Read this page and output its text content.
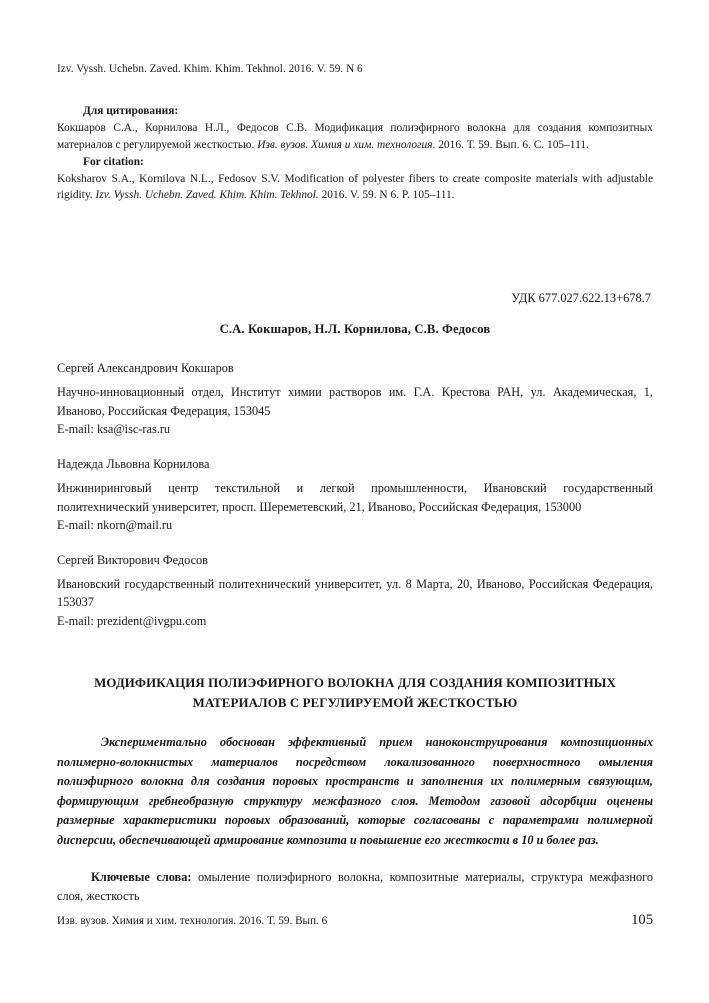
Izv. Vyssh. Uchebn. Zaved. Khim. Khim. Tekhnol. 2016. V. 59. N 6

Для цитирования:

Кокшаров С.А., Корнилова Н.Л., Федосов С.В. Модификация полиэфирного волокна для создания композитных материалов с регулируемой жесткостью. Изв. вузов. Химия и хим. технология. 2016. Т. 59. Вып. 6. С. 105–111.

For citation:

Koksharov S.A., Kornilova N.L., Fedosov S.V. Modification of polyester fibers to create composite materials with adjustable rigidity. Izv. Vyssh. Uchebn. Zaved. Khim. Khim. Tekhnol. 2016. V. 59. N 6. P. 105–111.

УДК 677.027.622.13+678.7

С.А. Кокшаров, Н.Л. Корнилова, С.В. Федосов

Сергей Александрович Кокшаров

Научно-инновационный отдел, Институт химии растворов им. Г.А. Крестова РАН, ул. Академическая, 1, Иваново, Российская Федерация, 153045

E-mail: ksa@isc-ras.ru

Надежда Львовна Корнилова

Инжиниринговый центр текстильной и легкой промышленности, Ивановский государственный политехнический университет, просп. Шереметевский, 21, Иваново, Российская Федерация, 153000

E-mail: nkorn@mail.ru

Сергей Викторович Федосов

Ивановский государственный политехнический университет, ул. 8 Марта, 20, Иваново, Российская Федерация, 153037

E-mail: prezident@ivgpu.com

МОДИФИКАЦИЯ ПОЛИЭФИРНОГО ВОЛОКНА ДЛЯ СОЗДАНИЯ КОМПОЗИТНЫХ МАТЕРИАЛОВ С РЕГУЛИРУЕМОЙ ЖЕСТКОСТЬЮ

Экспериментально обоснован эффективный прием наноконструирования композиционных полимерно-волокнистых материалов посредством локализованного поверхностного омыления полиэфирного волокна для создания поровых пространств и заполнения их полимерным связующим, формирующим гребнеобразную структуру межфазного слоя. Методом газовой адсорбции оценены размерные характеристики поровых образований, которые согласованы с параметрами полимерной дисперсии, обеспечивающей армирование композита и повышение его жесткости в 10 и более раз.

Ключевые слова: омыление полиэфирного волокна, композитные материалы, структура межфазного слоя, жесткость

Изв. вузов. Химия и хим. технология. 2016. Т. 59. Вып. 6	105
